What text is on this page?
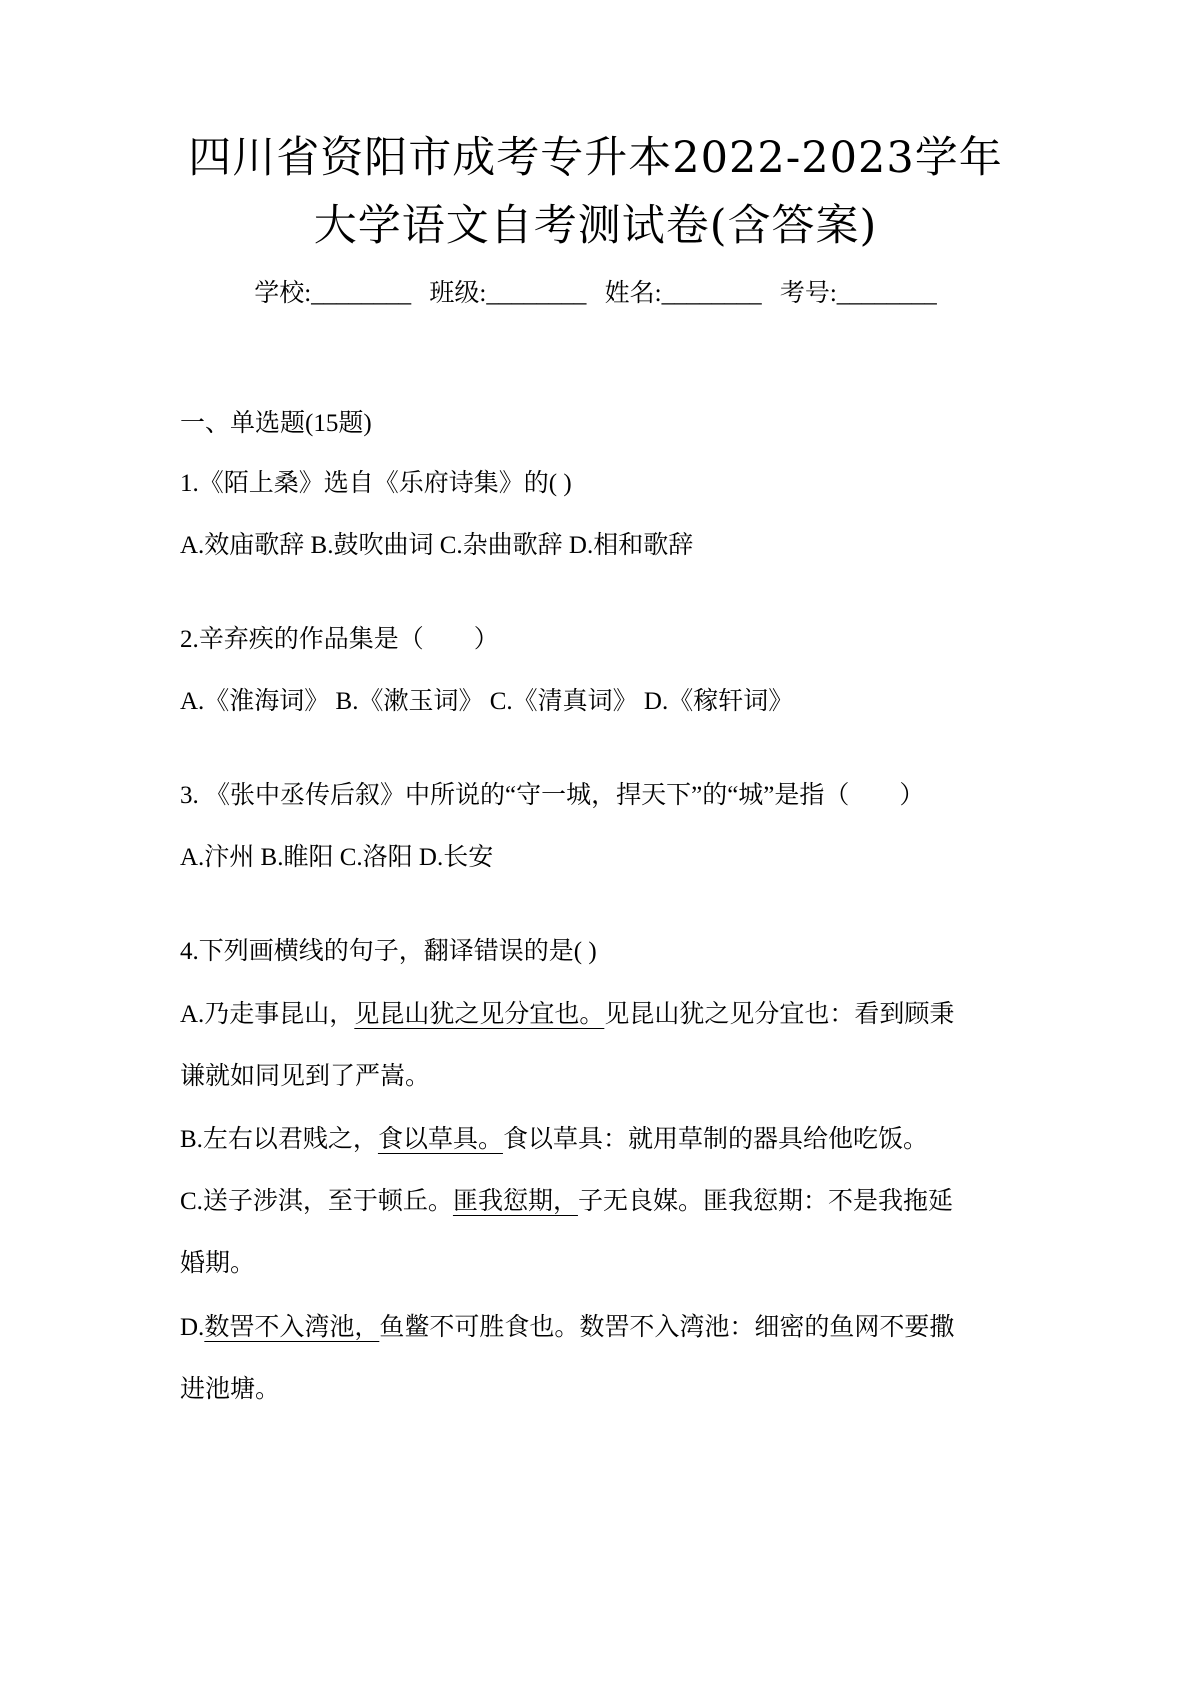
四川省资阳市成考专升本2022-2023学年
大学语文自考测试卷(含答案)
学校:________ 班级:________ 姓名:________ 考号:________
一、单选题(15题)
1.《陌上桑》选自《乐府诗集》的( )
A.效庙歌辞 B.鼓吹曲词 C.杂曲歌辞 D.相和歌辞
2.辛弃疾的作品集是（　　）
A.《淮海词》 B.《漱玉词》 C.《清真词》 D.《稼轩词》
3. 《张中丞传后叙》中所说的“守一城，捍天下”的“城”是指（　　）
A.汴州 B.睢阳 C.洛阳 D.长安
4.下列画横线的句子，翻译错误的是( )
A.乃走事昆山，见昆山犹之见分宜也。见昆山犹之见分宜也：看到顾秉
谦就如同见到了严嵩。
B.左右以君贱之，食以草具。食以草具：就用草制的器具给他吃饭。
C.送子涉淇，至于顿丘。匪我愆期，子无良媒。匪我愆期：不是我拖延
婚期。
D.数罟不入湾池，鱼鳖不可胜食也。数罟不入湾池：细密的鱼网不要撒
进池塘。
